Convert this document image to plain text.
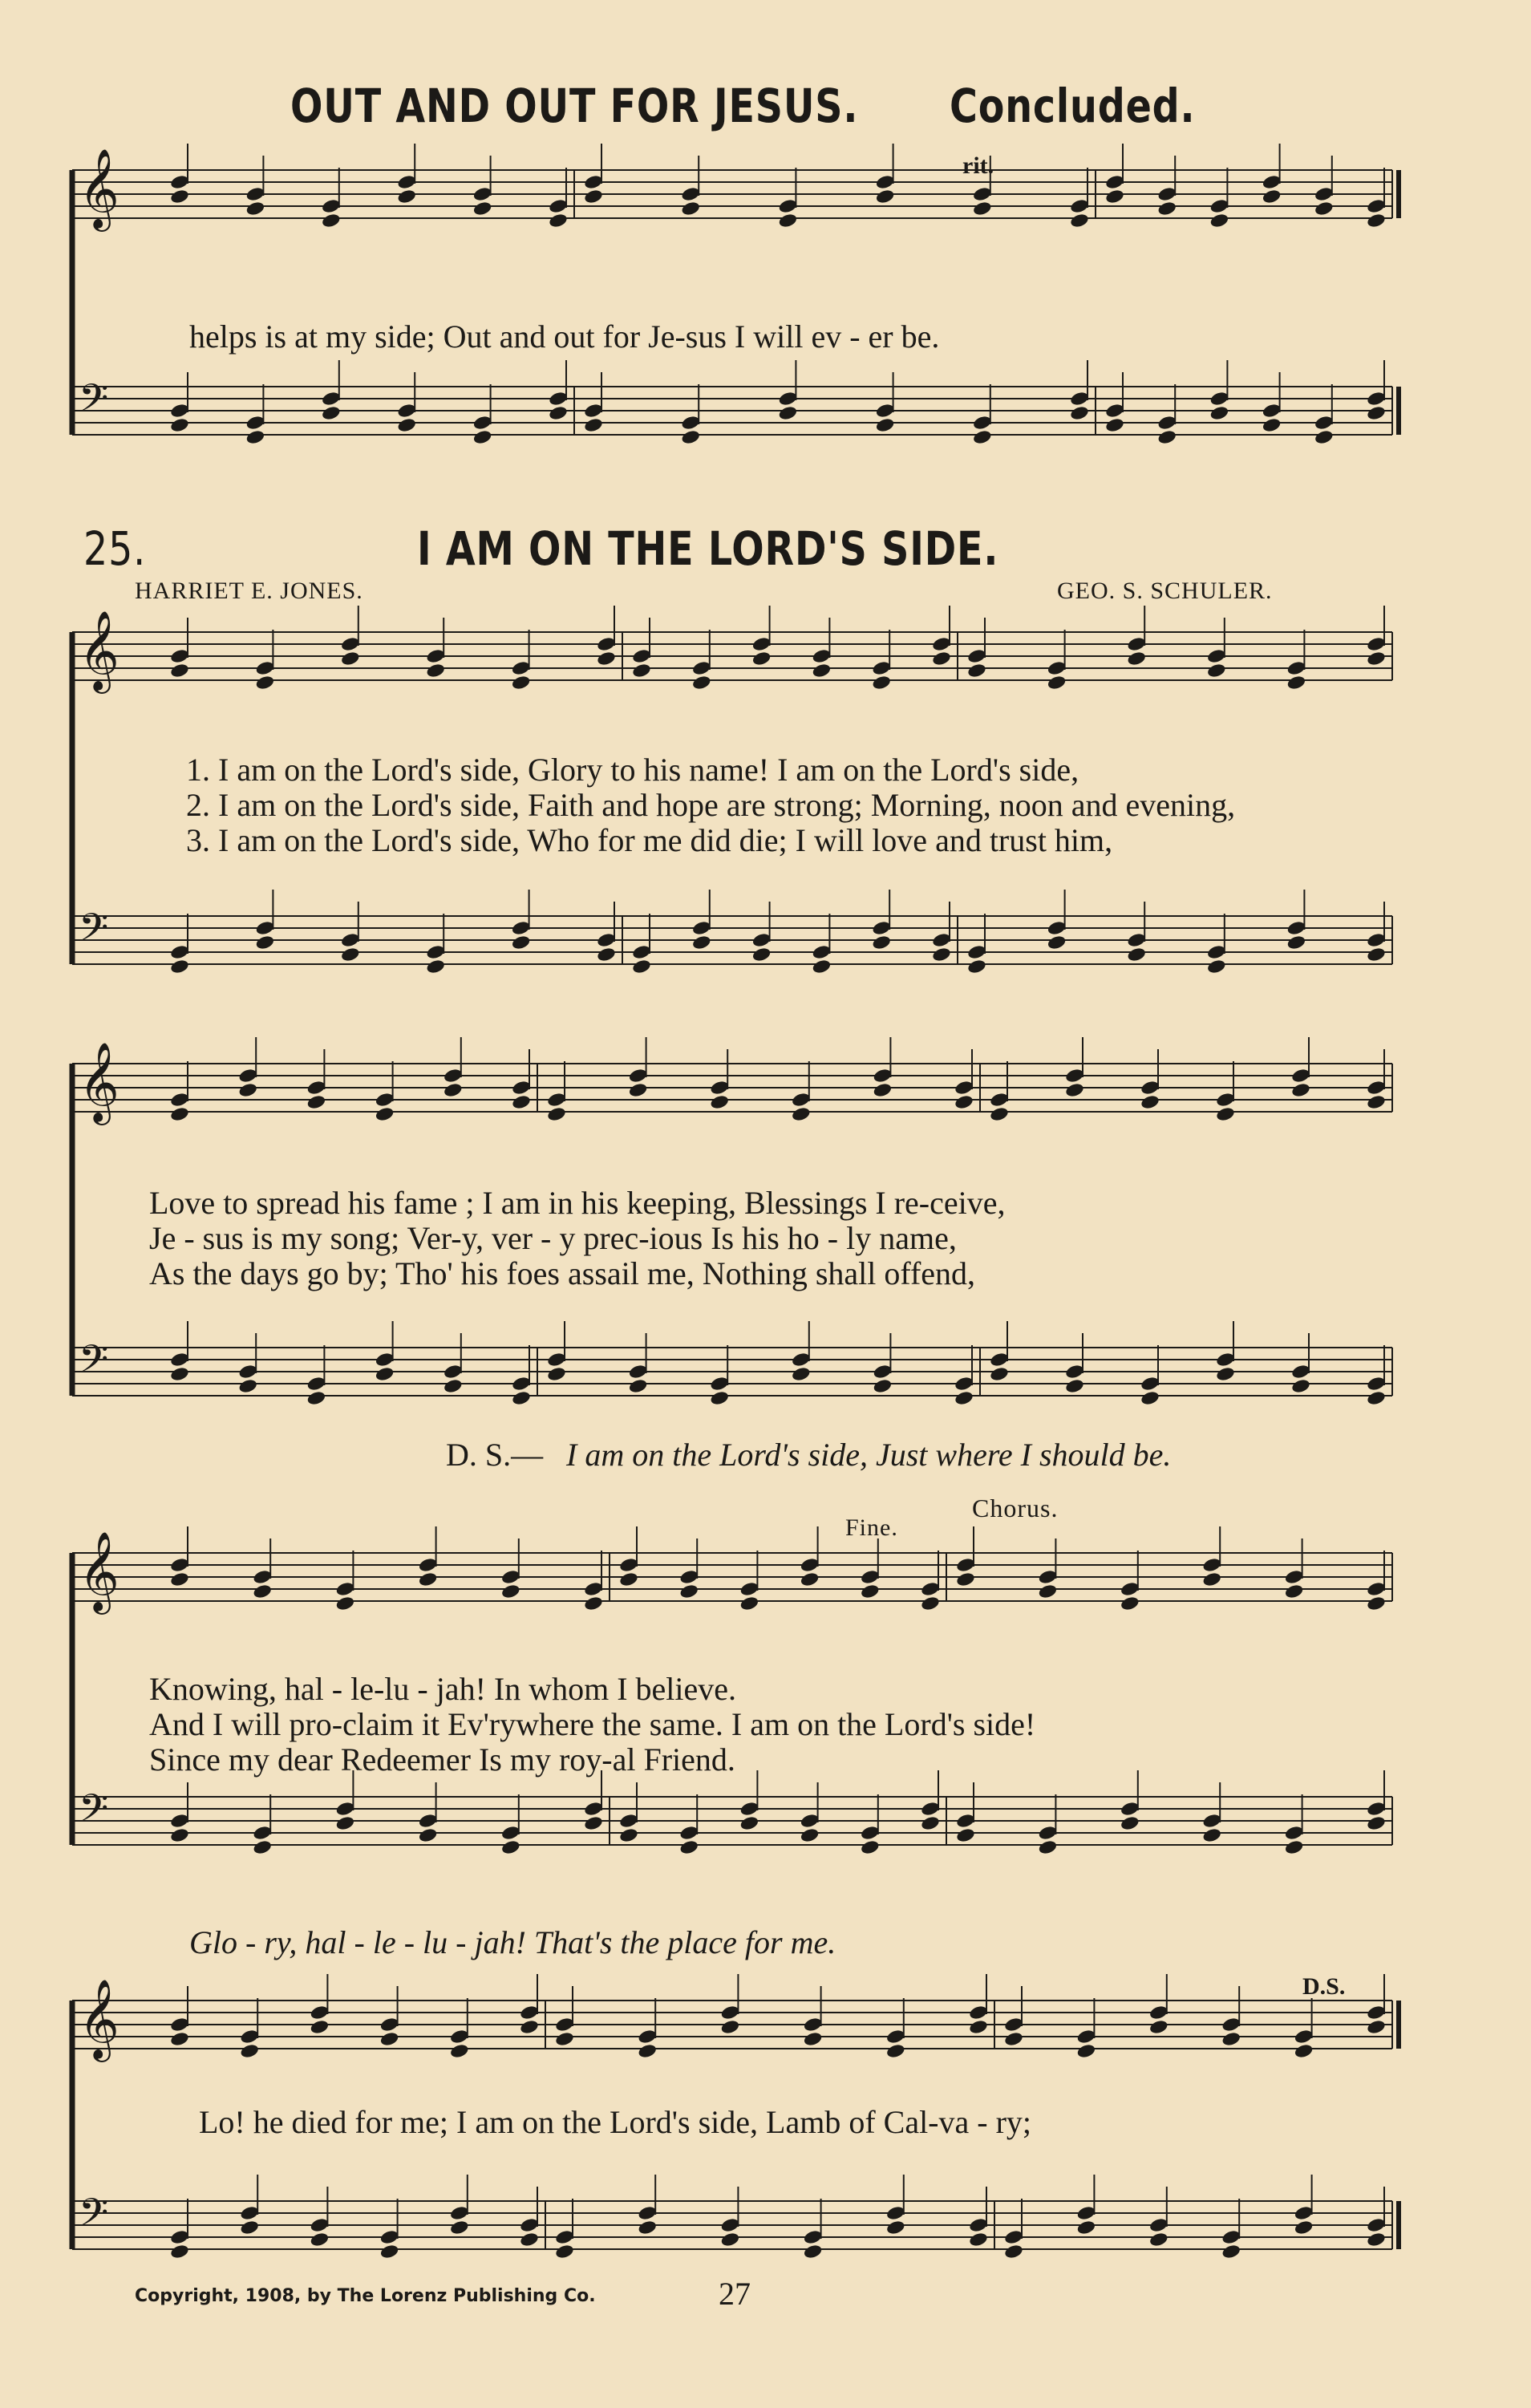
𝄞
𝄢
𝄞
𝄢
𝄞
𝄢
𝄞
𝄢
𝄞
𝄢
OUT AND OUT FOR JESUS. Concluded.
rit.
helps is at my side; Out and out for Je-sus I will ev - er be.
25.	I AM ON THE LORD'S SIDE.
HARRIET E. JONES.	GEO. S. SCHULER.
1. I am on the Lord's side, Glory to his name! I am on the Lord's side,
2. I am on the Lord's side, Faith and hope are strong; Morning, noon and evening,
3. I am on the Lord's side, Who for me did die; I will love and trust him,
Love to spread his fame ; I am in his keeping, Blessings I re-ceive,
Je - sus is my song; Ver-y, ver - y prec-ious Is his ho - ly name,
As the days go by; Tho' his foes assail me, Nothing shall offend,
D. S.— I am on the Lord's side, Just where I should be.
Fine.
Chorus.
Knowing, hal - le-lu - jah! In whom I believe.
And I will pro-claim it Ev'rywhere the same. I am on the Lord's side!
Since my dear Redeemer Is my roy-al Friend.
Glo - ry, hal - le - lu - jah! That's the place for me.
D.S.
Lo! he died for me; I am on the Lord's side, Lamb of Cal-va - ry;
Copyright, 1908, by The Lorenz Publishing Co.	27
